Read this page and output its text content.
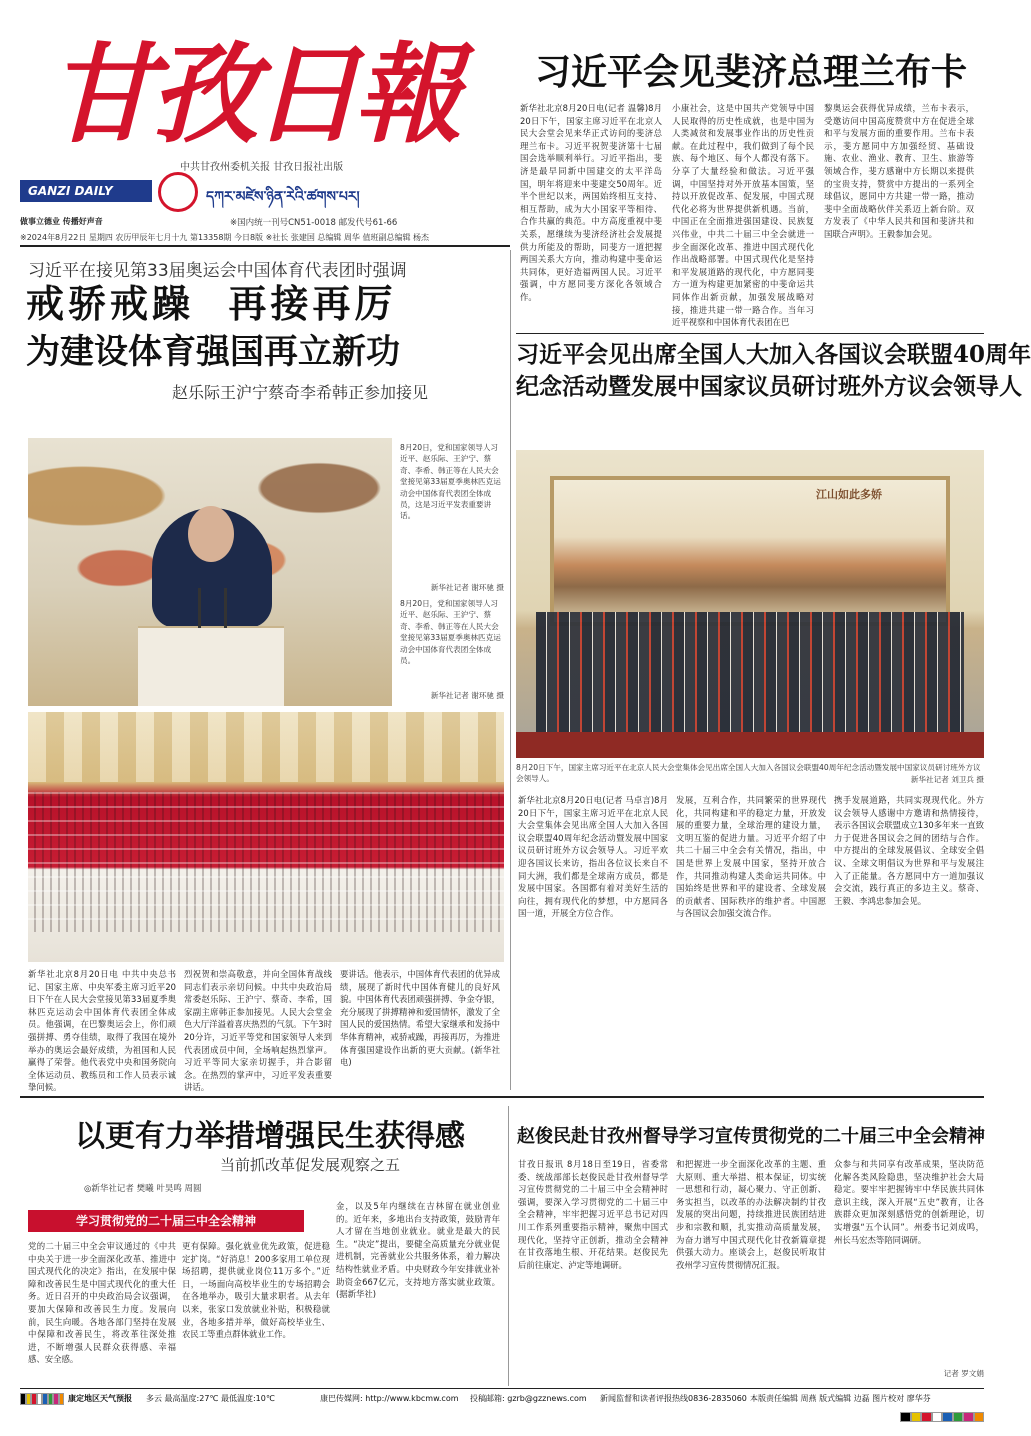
甘孜日報
中共甘孜州委机关报 甘孜日报社出版
GANZI DAILY	དཀར་མཛེས་ཉིན་རེའི་ཚགས་པར།
做事立德业 传播好声音	※国内统一刊号CN51-0018 邮发代号61-66
※2024年8月22日 星期四 农历甲辰年七月十九 第13358期 今日8版 ※社长 张建国 总编辑 周华 值班副总编辑 杨杰
习近平会见斐济总理兰布卡
新华社北京8月20日电(记者 温馨)8月20日下午，国家主席习近平在北京人民大会堂会见来华正式访问的斐济总理兰布卡。习近平祝贺斐济第十七届国会选举顺利举行。习近平指出，斐济是最早同新中国建交的太平洋岛国，明年将迎来中斐建交50周年。近半个世纪以来，两国始终相互支持、相互帮助，成为大小国家平等相待、合作共赢的典范。中方高度重视中斐关系，愿继续为斐济经济社会发展提供力所能及的帮助，同斐方一道把握两国关系大方向，推动构建中斐命运共同体，更好造福两国人民。习近平强调，中方愿同斐方深化各领域合作。
小康社会，这是中国共产党领导中国人民取得的历史性成就，也是中国为人类减贫和发展事业作出的历史性贡献。在此过程中，我们做到了每个民族、每个地区、每个人都没有落下。分享了大量经验和做法。习近平强调，中国坚持对外开放基本国策，坚持以开放促改革、促发展，中国式现代化必将为世界提供新机遇。当前，中国正在全面推进强国建设、民族复兴伟业，中共二十届三中全会就进一步全面深化改革、推进中国式现代化作出战略部署。中国式现代化是坚持和平发展道路的现代化，中方愿同斐方一道为构建更加紧密的中斐命运共同体作出新贡献，加强发展战略对接，推进共建一带一路合作。当年习近平视察和中国体育代表团在巴
黎奥运会获得优异成绩，兰布卡表示，受邀访问中国高度赞赏中方在促进全球和平与发展方面的重要作用。兰布卡表示，斐方愿同中方加强经贸、基础设施、农业、渔业、教育、卫生、旅游等领域合作，斐方感谢中方长期以来提供的宝贵支持，赞赏中方提出的一系列全球倡议，愿同中方共建一带一路，推动斐中全面战略伙伴关系迈上新台阶。双方发表了《中华人民共和国和斐济共和国联合声明》。王毅参加会见。
习近平在接见第33届奥运会中国体育代表团时强调
戒骄戒躁  再接再厉
为建设体育强国再立新功
赵乐际王沪宁蔡奇李希韩正参加接见
8月20日，党和国家领导人习近平、赵乐际、王沪宁、蔡奇、李希、韩正等在人民大会堂接见第33届夏季奥林匹克运动会中国体育代表团全体成员，这是习近平发表重要讲话。
新华社记者 谢环驰 摄
8月20日，党和国家领导人习近平、赵乐际、王沪宁、蔡奇、李希、韩正等在人民大会堂接见第33届夏季奥林匹克运动会中国体育代表团全体成员。
新华社记者 谢环驰 摄
新华社北京8月20日电 中共中央总书记、国家主席、中央军委主席习近平20日下午在人民大会堂接见第33届夏季奥林匹克运动会中国体育代表团全体成员。他强调，在巴黎奥运会上，你们顽强拼搏、勇夺佳绩，取得了我国在境外举办的奥运会最好成绩，为祖国和人民赢得了荣誉。他代表党中央和国务院向全体运动员、教练员和工作人员表示诚挚问候。
烈祝贺和崇高敬意，并向全国体育战线同志们表示亲切问候。中共中央政治局常委赵乐际、王沪宁、蔡奇、李希，国家副主席韩正参加接见。人民大会堂金色大厅洋溢着喜庆热烈的气氛。下午3时20分许，习近平等党和国家领导人来到代表团成员中间，全场响起热烈掌声。习近平等同大家亲切握手，并合影留念。在热烈的掌声中，习近平发表重要讲话。
要讲话。他表示，中国体育代表团的优异成绩，展现了新时代中国体育健儿的良好风貌。中国体育代表团顽强拼搏、争金夺银，充分展现了拼搏精神和爱国情怀，激发了全国人民的爱国热情。希望大家继承和发扬中华体育精神，戒骄戒躁，再接再厉，为推进体育强国建设作出新的更大贡献。(新华社电)
习近平会见出席全国人大加入各国议会联盟40周年
纪念活动暨发展中国家议员研讨班外方议会领导人
江山如此多娇
8月20日下午，国家主席习近平在北京人民大会堂集体会见出席全国人大加入各国议会联盟40周年纪念活动暨发展中国家议员研讨班外方议会领导人。	新华社记者 刘卫兵 摄
新华社北京8月20日电(记者 马卓言)8月20日下午，国家主席习近平在北京人民大会堂集体会见出席全国人大加入各国议会联盟40周年纪念活动暨发展中国家议员研讨班外方议会领导人。习近平欢迎各国议长来访，指出各位议长来自不同大洲，我们都是全球南方成员，都是发展中国家。各国都有着对美好生活的向往，拥有现代化的梦想，中方愿同各国一道，开展全方位合作。
发展，互利合作，共同繁荣的世界现代化，共同构建和平的稳定力量，开放发展的重要力量，全球治理的建设力量，文明互鉴的促进力量。习近平介绍了中共二十届三中全会有关情况，指出，中国是世界上发展中国家，坚持开放合作，共同推动构建人类命运共同体。中国始终是世界和平的建设者、全球发展的贡献者、国际秩序的维护者。中国愿与各国议会加强交流合作。
携手发展道路，共同实现现代化。外方议会领导人感谢中方邀请和热情接待，表示各国议会联盟成立130多年来一直致力于促进各国议会之间的团结与合作。中方提出的全球发展倡议、全球安全倡议、全球文明倡议为世界和平与发展注入了正能量。各方愿同中方一道加强议会交流，践行真正的多边主义。蔡奇、王毅、李鸿忠参加会见。
以更有力举措增强民生获得感
当前抓改革促发展观察之五
◎新华社记者 樊曦 叶昊鸣 周圆
学习贯彻党的二十届三中全会精神
党的二十届三中全会审议通过的《中共中央关于进一步全面深化改革、推进中国式现代化的决定》指出，在发展中保障和改善民生是中国式现代化的重大任务。近日召开的中央政治局会议强调，要加大保障和改善民生力度。发展向前，民生向暖。各地各部门坚持在发展中保障和改善民生，将改革往深处推进，不断增强人民群众获得感、幸福感、安全感。
更有保障。强化就业优先政策，促进稳定扩岗。“好消息！200多家用工单位现场招聘，提供就业岗位11万多个。”近日，一场面向高校毕业生的专场招聘会在各地举办，吸引大量求职者。从去年以来，张家口发放就业补贴，积极稳就业，各地多措并举，做好高校毕业生、农民工等重点群体就业工作。
金，以及5年内继续在吉林留在就业创业的。近年来，多地出台支持政策，鼓励青年人才留在当地创业就业。就业是最大的民生。“决定”提出，要健全高质量充分就业促进机制，完善就业公共服务体系，着力解决结构性就业矛盾。中央财政今年安排就业补助资金667亿元，支持地方落实就业政策。(据新华社)
赵俊民赴甘孜州督导学习宣传贯彻党的二十届三中全会精神
甘孜日报讯 8月18日至19日，省委常委、统战部部长赵俊民赴甘孜州督导学习宣传贯彻党的二十届三中全会精神时强调，要深入学习贯彻党的二十届三中全会精神，牢牢把握习近平总书记对四川工作系列重要指示精神，聚焦中国式现代化，坚持守正创新，推动全会精神在甘孜落地生根、开花结果。赵俊民先后前往康定、泸定等地调研。
和把握进一步全面深化改革的主题、重大原则、重大举措、根本保证，切实统一思想和行动，凝心聚力、守正创新、务实担当，以改革的办法解决制约甘孜发展的突出问题，持续推进民族团结进步和宗教和顺，扎实推动高质量发展，为奋力谱写中国式现代化甘孜新篇章提供强大动力。座谈会上，赵俊民听取甘孜州学习宣传贯彻情况汇报。
众参与和共同享有改革成果，坚决防范化解各类风险隐患，坚决维护社会大局稳定。要牢牢把握铸牢中华民族共同体意识主线，深入开展“五史”教育，让各族群众更加深刻感悟党的创新理论，切实增强“五个认同”。州委书记刘成鸣，州长马宏杰等陪同调研。
记者 罗文娟
康定地区天气预报 多云 最高温度:27℃ 最低温度:10℃	康巴传媒网: http://www.kbcmw.com 投稿邮箱: gzrb@gzznews.com 新闻监督和读者评报热线0836-2835060 本版责任编辑 周燕 版式编辑 边磊 图片校对 廖华芬
